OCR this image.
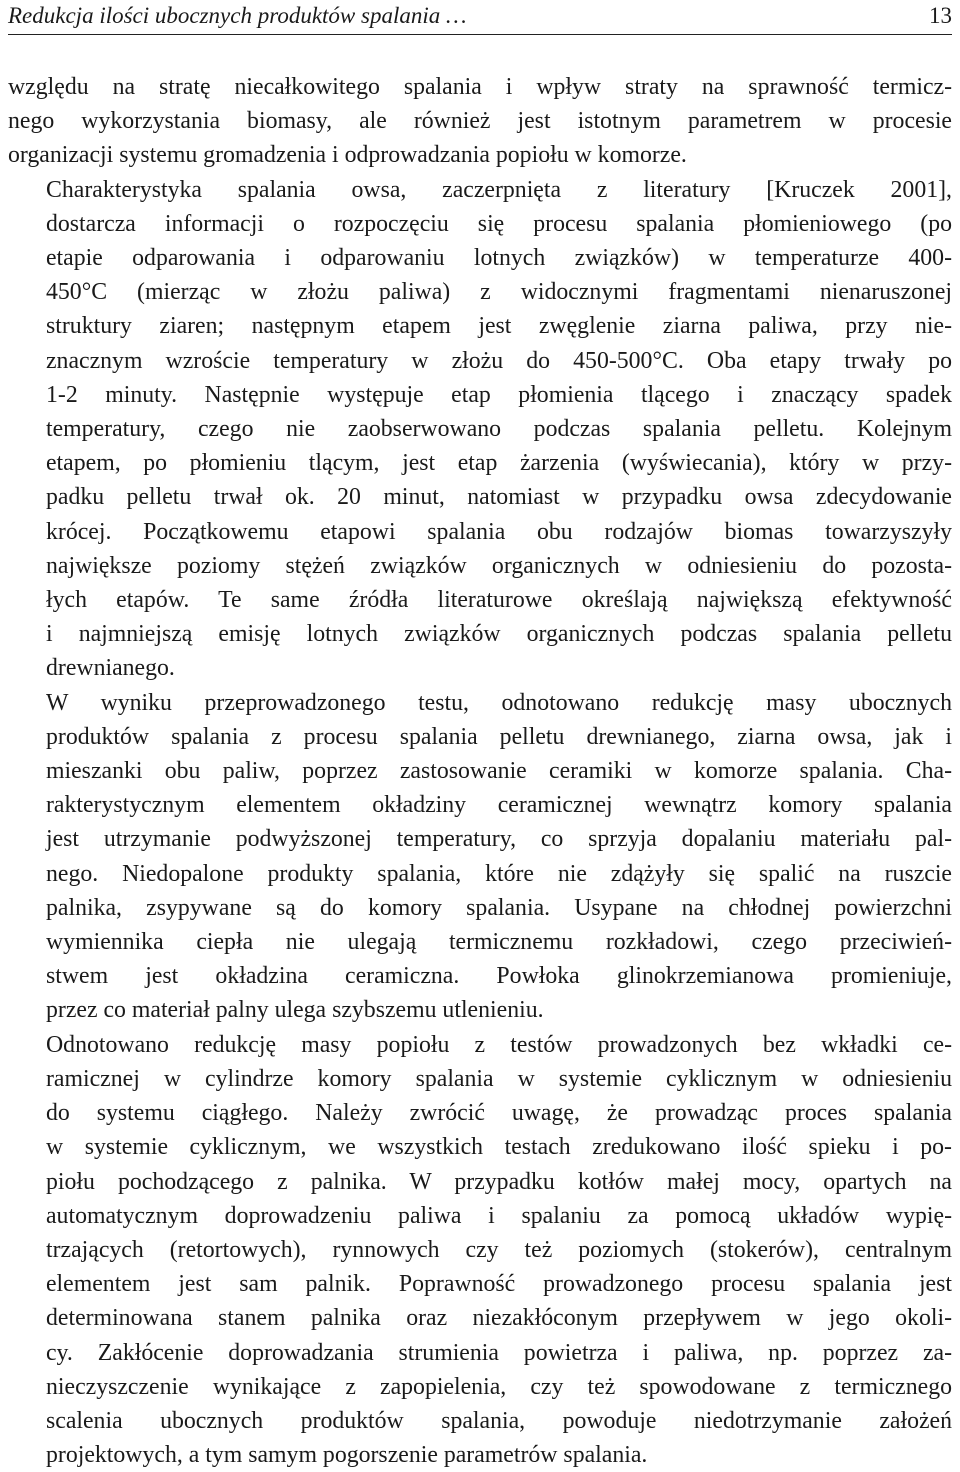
Redukcja ilości ubocznych produktów spalania …	13

względu na stratę niecałkowitego spalania i wpływ straty na sprawność termicz-
nego wykorzystania biomasy, ale również jest istotnym parametrem w procesie
organizacji systemu gromadzenia i odprowadzania popiołu w komorze.

Charakterystyka spalania owsa, zaczerpnięta z literatury [Kruczek 2001],
dostarcza informacji o rozpoczęciu się procesu spalania płomieniowego (po
etapie odparowania i odparowaniu lotnych związków) w temperaturze 400-
450°C (mierząc w złożu paliwa) z widocznymi fragmentami nienaruszonej
struktury ziaren; następnym etapem jest zwęglenie ziarna paliwa, przy nie-
znacznym wzroście temperatury w złożu do 450-500°C. Oba etapy trwały po
1-2 minuty. Następnie występuje etap płomienia tlącego i znaczący spadek
temperatury, czego nie zaobserwowano podczas spalania pelletu. Kolejnym
etapem, po płomieniu tlącym, jest etap żarzenia (wyświecania), który w przy-
padku pelletu trwał ok. 20 minut, natomiast w przypadku owsa zdecydowanie
krócej. Początkowemu etapowi spalania obu rodzajów biomas towarzyszyły
największe poziomy stężeń związków organicznych w odniesieniu do pozosta-
łych etapów. Te same źródła literaturowe określają największą efektywność
i najmniejszą emisję lotnych związków organicznych podczas spalania pelletu
drewnianego.

W wyniku przeprowadzonego testu, odnotowano redukcję masy ubocznych
produktów spalania z procesu spalania pelletu drewnianego, ziarna owsa, jak i
mieszanki obu paliw, poprzez zastosowanie ceramiki w komorze spalania. Cha-
rakterystycznym elementem okładziny ceramicznej wewnątrz komory spalania
jest utrzymanie podwyższonej temperatury, co sprzyja dopalaniu materiału pal-
nego. Niedopalone produkty spalania, które nie zdążyły się spalić na ruszcie
palnika, zsypywane są do komory spalania. Usypane na chłodnej powierzchni
wymiennika ciepła nie ulegają termicznemu rozkładowi, czego przeciwień-
stwem jest okładzina ceramiczna. Powłoka glinokrzemianowa promieniuje,
przez co materiał palny ulega szybszemu utlenieniu.

Odnotowano redukcję masy popiołu z testów prowadzonych bez wkładki ce-
ramicznej w cylindrze komory spalania w systemie cyklicznym w odniesieniu
do systemu ciągłego. Należy zwrócić uwagę, że prowadząc proces spalania
w systemie cyklicznym, we wszystkich testach zredukowano ilość spieku i po-
piołu pochodzącego z palnika. W przypadku kotłów małej mocy, opartych na
automatycznym doprowadzeniu paliwa i spalaniu za pomocą układów wypię-
trzających (retortowych), rynnowych czy też poziomych (stokerów), centralnym
elementem jest sam palnik. Poprawność prowadzonego procesu spalania jest
determinowana stanem palnika oraz niezakłóconym przepływem w jego okoli-
cy. Zakłócenie doprowadzania strumienia powietrza i paliwa, np. poprzez za-
nieczyszczenie wynikające z zapopielenia, czy też spowodowane z termicznego
scalenia ubocznych produktów spalania, powoduje niedotrzymanie założeń
projektowych, a tym samym pogorszenie parametrów spalania.
